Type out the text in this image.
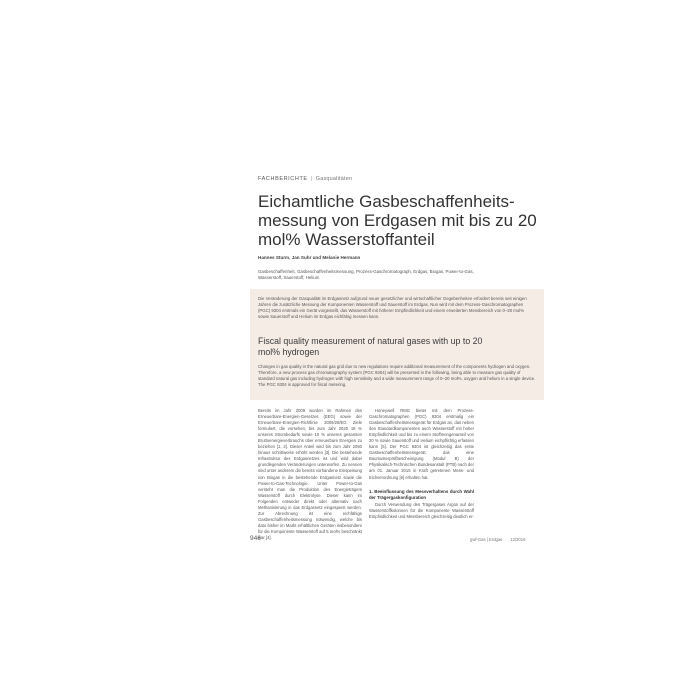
FACHBERICHTE | Gasqualitäten
Eichamtliche Gasbeschaffenheits-messung von Erdgasen mit bis zu 20 mol% Wasserstoffanteil
Hannes Sturm, Jan Suhr und Melanie Hermann
Gasbeschaffenheit, Gasbeschaffenheitsmessung, Prozess-Gaschromatograph, Erdgas, Biogas, Power-to-Gas, Wasserstoff, Sauerstoff, Helium
Die Veränderung der Gasqualität im Erdgasnetz aufgrund neuer gesetzlicher und wirtschaftlicher Gegebenheiten erfordert bereits seit einigen Jahren die zusätzliche Messung der Komponenten Wasserstoff und Sauerstoff im Erdgas. Nun wird mit dem Prozess-Gaschromatographen (PGC) 9304 erstmals ein Gerät vorgestellt, das Wasserstoff mit höherer Empfindlichkeit und einem erweiterten Messbereich von 0–20 mol% sowie Sauerstoff und Helium im Erdgas eichfähig messen kann.
Fiscal quality measurement of natural gases with up to 20 mol% hydrogen
Changes in gas quality in the natural gas grid due to new regulations require additional measurement of the components hydrogen and oxygen. Therefore, a new process gas chromatography system (PGC 9304) will be presented in the following, being able to measure gas quality of standard natural gas including hydrogen with high sensitivity and a wide measurement range of 0–20 mol%, oxygen and helium in a single device. The PGC 9304 is approved for fiscal metering.
Bereits im Jahr 2009 wurden im Rahmen des Erneuerbare-Energien-Gesetzes (EEG) sowie der Erneuerbare-Energien-Richtlinie 2009/28/EG Ziele formuliert, die vorsehen, bis zum Jahr 2020 18 % unseres Strombedarfs sowie 10 % unseres gesamten Bruttoenergieverbrauchs über erneuerbare Energien zu beziehen [1, 2]. Dieser Anteil wird bis zum Jahr 2050 hinaus schrittweise erhöht werden [3]. Die bestehende Infrastruktur des Erdgasnetzes ist und wird dabei grundlegenden Veränderungen unterworfen. Zu nennen sind unter anderem die bereits vorhandene Einspeisung von Biogas in die bestehende Erdgasnetz sowie die Power-to-Gas-Technologie. Unter Power-to-Gas versteht man die Produktion des Energieträgers Wasserstoff durch Elektrolyse. Dieser kann im Folgenden entweder direkt oder alternativ nach Methanisierung in das Erdgasnetz eingespeist werden. Zur Abrechnung ist eine eichfähige Gasbeschaffenheitsmessung notwendig, welche bis dato bisher im Markt erhältlichen Geräten insbesondere für die Komponente Wasserstoff auf 5 mol% beschränkt war [4].

Honeywell RMG bietet mit dem Prozess-Gaschromatographen (PGC) 9304 erstmalig ein Gasbeschaffenheitsmessgerät für Erdgas an, das neben den Standardkomponenten auch Wasserstoff mit hoher Empfindlichkeit und bis zu einem Stoffmengenanteil von 20 % sowie Sauerstoff und Helium eichpflichtig erfassen kann [5]. Der PGC 9304 ist gleichzeitig das erste Gasbeschaffenheitsmessgerät, das eine Baumusterprüfbescheinigung (Modul B) der Physikalisch-Technischen Bundesanstalt (PTB) nach der am 01. Januar 2015 in Kraft getretenen Mess- und Eichverordnung [6] erhalten hat.

1. Beeinflussung des Messverhaltens durch Wahl der Trägergaskonfiguration

Durch Verwendung des Trägergases Argon auf der Wasserstoffkolonnen für die Komponente Wasserstoff Empfindlichkeit und Messbereich gleichzeitig deutlich er-

946	gwf-Gas | Erdgas 12/2016
